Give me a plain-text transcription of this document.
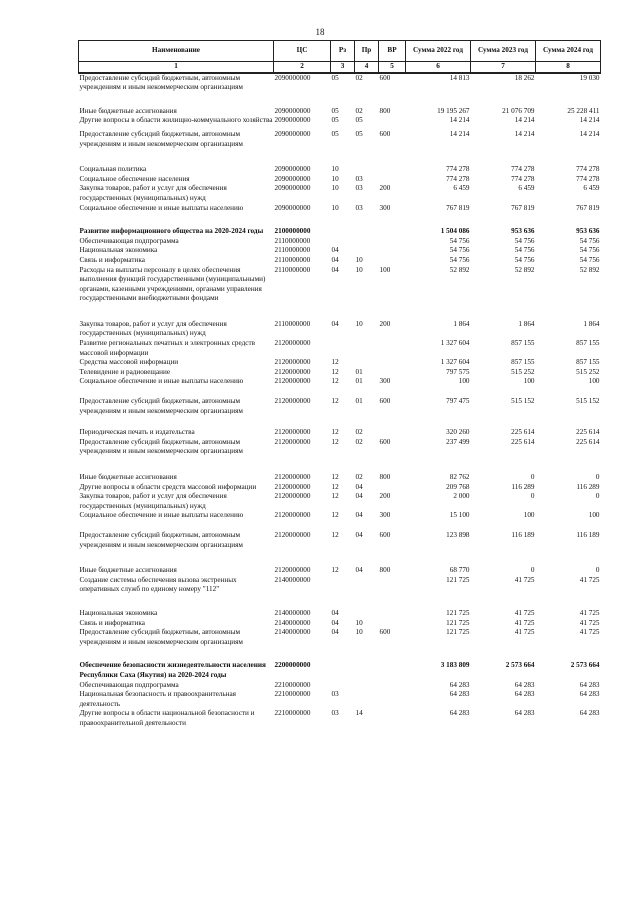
18
Наименование	ЦС	Рз	Пр	ВР	Сумма 2022 год	Сумма 2023 год	Сумма 2024 год
1	2	3	4	5	6	7	8
Предоставление субсидий бюджетным, автономным учреждениям и иным некоммерческим организациям	2090000000	05	02	600	14 813	18 262	19 030
Иные бюджетные ассигнования	2090000000	05	02	800	19 195 267	21 076 709	25 228 411
Другие вопросы в области жилищно-коммунального хозяйства	2090000000	05	05		14 214	14 214	14 214
Предоставление субсидий бюджетным, автономным учреждениям и иным некоммерческим организациям	2090000000	05	05	600	14 214	14 214	14 214
Социальная политика	2090000000	10			774 278	774 278	774 278
Социальное обеспечение населения	2090000000	10	03		774 278	774 278	774 278
Закупка товаров, работ и услуг для обеспечения государственных (муниципальных) нужд	2090000000	10	03	200	6 459	6 459	6 459
Социальное обеспечение и иные выплаты населению	2090000000	10	03	300	767 819	767 819	767 819
Развитие информационного общества на 2020-2024 годы	2100000000				1 504 086	953 636	953 636
Обеспечивающая подпрограмма	2110000000				54 756	54 756	54 756
Национальная экономика	2110000000	04			54 756	54 756	54 756
Связь и информатика	2110000000	04	10		54 756	54 756	54 756
Расходы на выплаты персоналу в целях обеспечения выполнения функций государственными (муниципальными) органами, казенными учреждениями, органами управления государственными внебюджетными фондами	2110000000	04	10	100	52 892	52 892	52 892
Закупка товаров, работ и услуг для обеспечения государственных (муниципальных) нужд	2110000000	04	10	200	1 864	1 864	1 864
Развитие региональных печатных и электронных средств массовой информации	2120000000				1 327 604	857 155	857 155
Средства массовой информации	2120000000	12			1 327 604	857 155	857 155
Телевидение и радиовещание	2120000000	12	01		797 575	515 252	515 252
Социальное обеспечение и иные выплаты населению	2120000000	12	01	300	100	100	100
Предоставление субсидий бюджетным, автономным учреждениям и иным некоммерческим организациям	2120000000	12	01	600	797 475	515 152	515 152
Периодическая печать и издательства	2120000000	12	02		320 260	225 614	225 614
Предоставление субсидий бюджетным, автономным учреждениям и иным некоммерческим организациям	2120000000	12	02	600	237 499	225 614	225 614
Иные бюджетные ассигнования	2120000000	12	02	800	82 762	0	0
Другие вопросы в области средств массовой информации	2120000000	12	04		209 768	116 289	116 289
Закупка товаров, работ и услуг для обеспечения государственных (муниципальных) нужд	2120000000	12	04	200	2 000	0	0
Социальное обеспечение и иные выплаты населению	2120000000	12	04	300	15 100	100	100
Предоставление субсидий бюджетным, автономным учреждениям и иным некоммерческим организациям	2120000000	12	04	600	123 898	116 189	116 189
Иные бюджетные ассигнования	2120000000	12	04	800	68 770	0	0
Создание системы обеспечения вызова экстренных оперативных служб по единому номеру "112"	2140000000				121 725	41 725	41 725
Национальная экономика	2140000000	04			121 725	41 725	41 725
Связь и информатика	2140000000	04	10		121 725	41 725	41 725
Предоставление субсидий бюджетным, автономным учреждениям и иным некоммерческим организациям	2140000000	04	10	600	121 725	41 725	41 725
Обеспечение безопасности жизнедеятельности населения Республики Саха (Якутия) на 2020-2024 годы	2200000000				3 183 809	2 573 664	2 573 664
Обеспечивающая подпрограмма	2210000000				64 283	64 283	64 283
Национальная безопасность и правоохранительная деятельность	2210000000	03			64 283	64 283	64 283
Другие вопросы в области национальной безопасности и правоохранительной деятельности	2210000000	03	14		64 283	64 283	64 283
